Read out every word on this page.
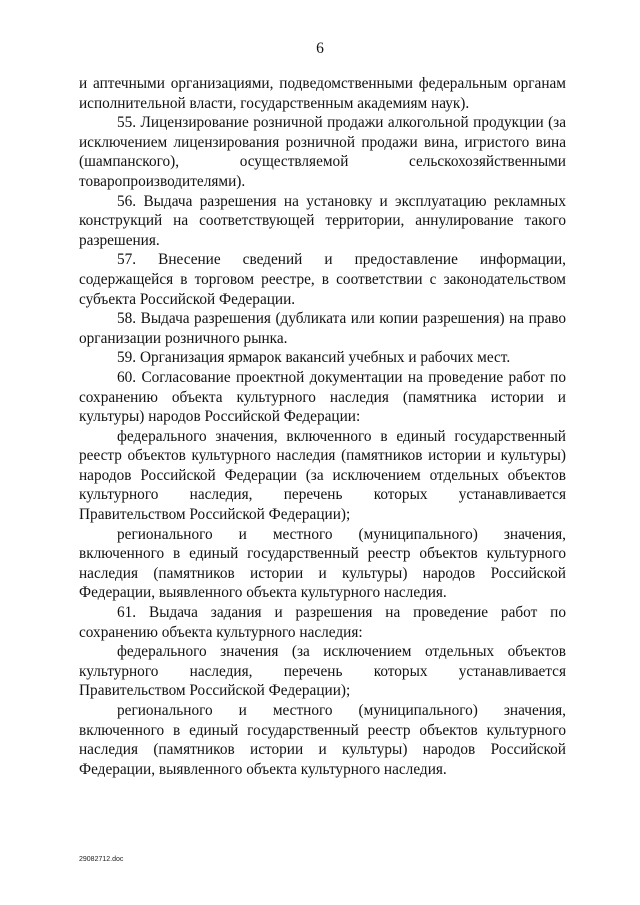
6

и аптечными организациями, подведомственными федеральным органам исполнительной власти, государственным академиям наук).

55. Лицензирование розничной продажи алкогольной продукции (за исключением лицензирования розничной продажи вина, игристого вина (шампанского), осуществляемой сельскохозяйственными товаропроизводителями).

56. Выдача разрешения на установку и эксплуатацию рекламных конструкций на соответствующей территории, аннулирование такого разрешения.

57. Внесение сведений и предоставление информации, содержащейся в торговом реестре, в соответствии с законодательством субъекта Российской Федерации.

58. Выдача разрешения (дубликата или копии разрешения) на право организации розничного рынка.

59. Организация ярмарок вакансий учебных и рабочих мест.

60. Согласование проектной документации на проведение работ по сохранению объекта культурного наследия (памятника истории и культуры) народов Российской Федерации:

федерального значения, включенного в единый государственный реестр объектов культурного наследия (памятников истории и культуры) народов Российской Федерации (за исключением отдельных объектов культурного наследия, перечень которых устанавливается Правительством Российской Федерации);

регионального и местного (муниципального) значения, включенного в единый государственный реестр объектов культурного наследия (памятников истории и культуры) народов Российской Федерации, выявленного объекта культурного наследия.

61. Выдача задания и разрешения на проведение работ по сохранению объекта культурного наследия:

федерального значения (за исключением отдельных объектов культурного наследия, перечень которых устанавливается Правительством Российской Федерации);

регионального и местного (муниципального) значения, включенного в единый государственный реестр объектов культурного наследия (памятников истории и культуры) народов Российской Федерации, выявленного объекта культурного наследия.

29082712.doc
